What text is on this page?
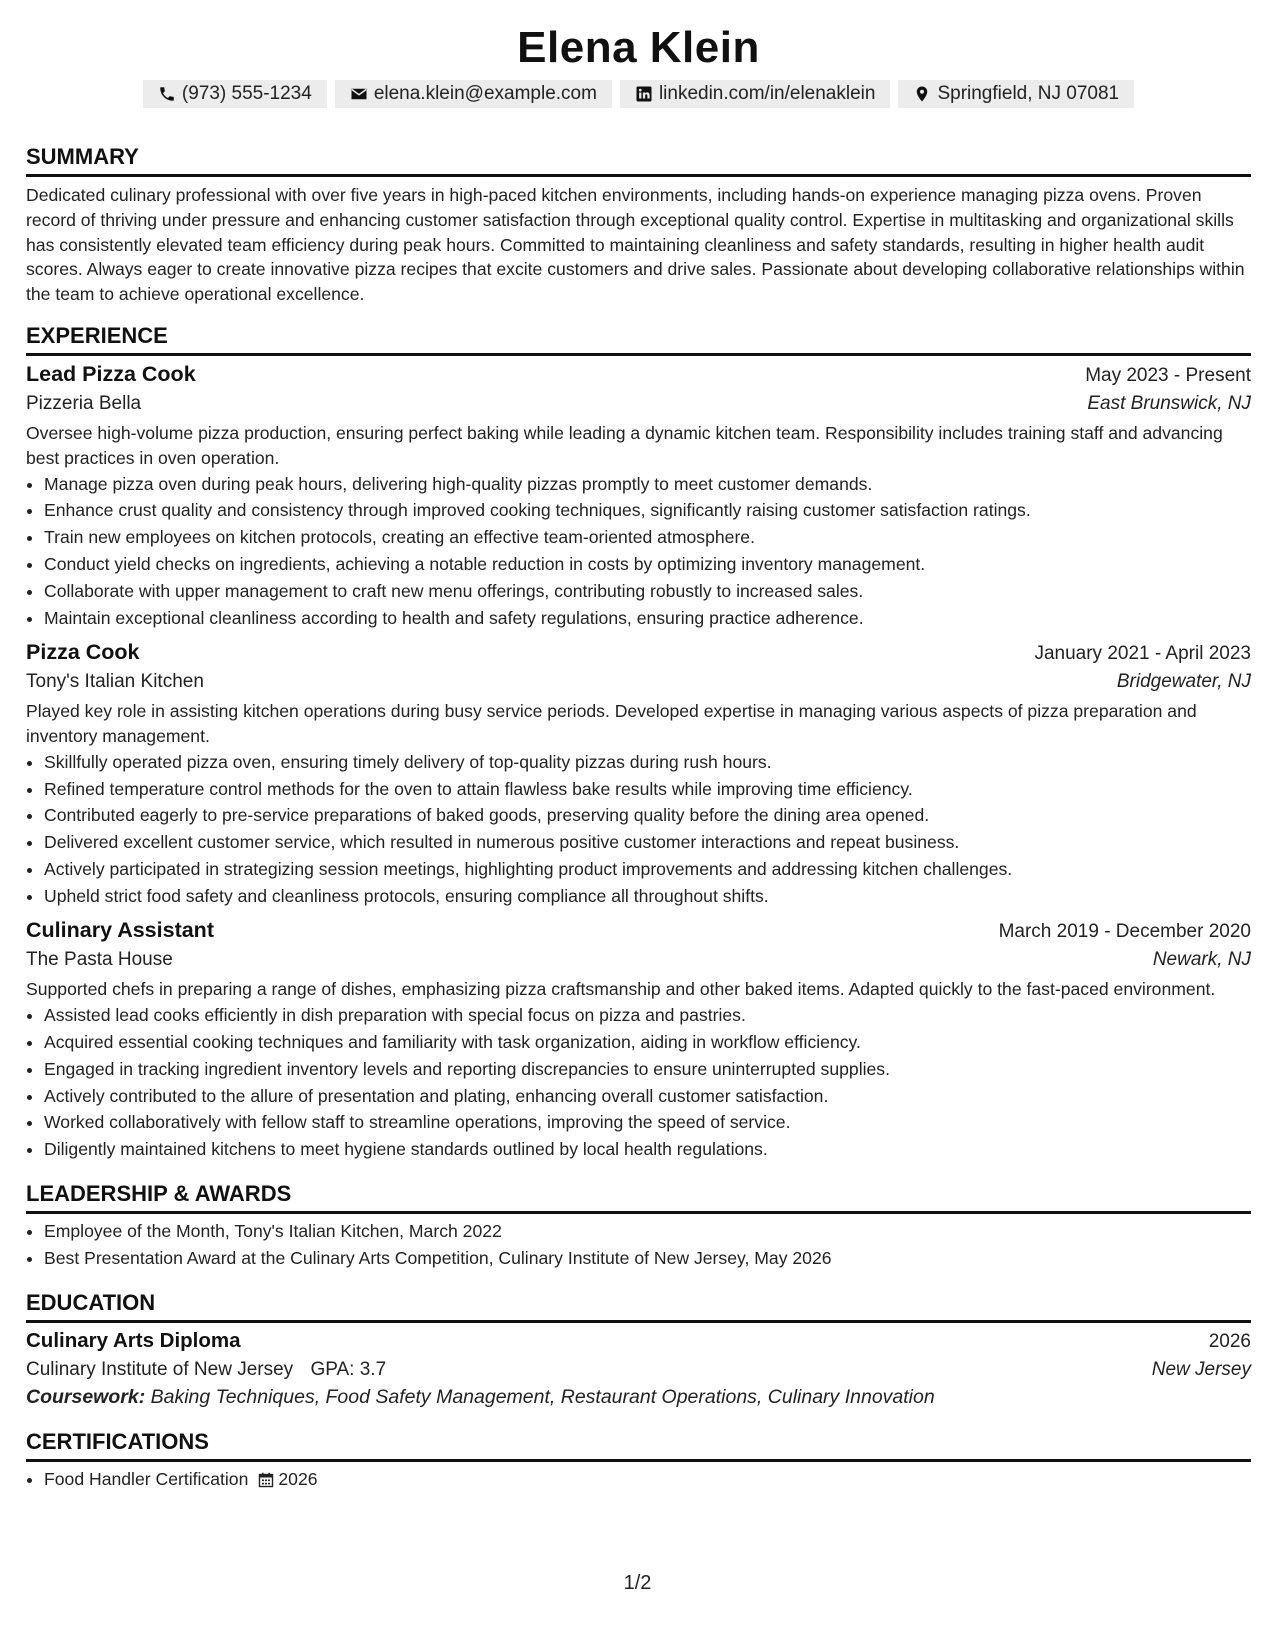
Elena Klein
(973) 555-1234	elena.klein@example.com	linkedin.com/in/elenaklein	Springfield, NJ 07081
SUMMARY
Dedicated culinary professional with over five years in high-paced kitchen environments, including hands-on experience managing pizza ovens. Proven record of thriving under pressure and enhancing customer satisfaction through exceptional quality control. Expertise in multitasking and organizational skills has consistently elevated team efficiency during peak hours. Committed to maintaining cleanliness and safety standards, resulting in higher health audit scores. Always eager to create innovative pizza recipes that excite customers and drive sales. Passionate about developing collaborative relationships within the team to achieve operational excellence.
EXPERIENCE
Lead Pizza Cook	May 2023 - Present
Pizzeria Bella	East Brunswick, NJ
Oversee high-volume pizza production, ensuring perfect baking while leading a dynamic kitchen team. Responsibility includes training staff and advancing best practices in oven operation.
• Manage pizza oven during peak hours, delivering high-quality pizzas promptly to meet customer demands.
• Enhance crust quality and consistency through improved cooking techniques, significantly raising customer satisfaction ratings.
• Train new employees on kitchen protocols, creating an effective team-oriented atmosphere.
• Conduct yield checks on ingredients, achieving a notable reduction in costs by optimizing inventory management.
• Collaborate with upper management to craft new menu offerings, contributing robustly to increased sales.
• Maintain exceptional cleanliness according to health and safety regulations, ensuring practice adherence.
Pizza Cook	January 2021 - April 2023
Tony's Italian Kitchen	Bridgewater, NJ
Played key role in assisting kitchen operations during busy service periods. Developed expertise in managing various aspects of pizza preparation and inventory management.
• Skillfully operated pizza oven, ensuring timely delivery of top-quality pizzas during rush hours.
• Refined temperature control methods for the oven to attain flawless bake results while improving time efficiency.
• Contributed eagerly to pre-service preparations of baked goods, preserving quality before the dining area opened.
• Delivered excellent customer service, which resulted in numerous positive customer interactions and repeat business.
• Actively participated in strategizing session meetings, highlighting product improvements and addressing kitchen challenges.
• Upheld strict food safety and cleanliness protocols, ensuring compliance all throughout shifts.
Culinary Assistant	March 2019 - December 2020
The Pasta House	Newark, NJ
Supported chefs in preparing a range of dishes, emphasizing pizza craftsmanship and other baked items. Adapted quickly to the fast-paced environment.
• Assisted lead cooks efficiently in dish preparation with special focus on pizza and pastries.
• Acquired essential cooking techniques and familiarity with task organization, aiding in workflow efficiency.
• Engaged in tracking ingredient inventory levels and reporting discrepancies to ensure uninterrupted supplies.
• Actively contributed to the allure of presentation and plating, enhancing overall customer satisfaction.
• Worked collaboratively with fellow staff to streamline operations, improving the speed of service.
• Diligently maintained kitchens to meet hygiene standards outlined by local health regulations.
LEADERSHIP & AWARDS
• Employee of the Month, Tony's Italian Kitchen, March 2022
• Best Presentation Award at the Culinary Arts Competition, Culinary Institute of New Jersey, May 2026
EDUCATION
Culinary Arts Diploma	2026
Culinary Institute of New Jersey GPA: 3.7	New Jersey
Coursework: Baking Techniques, Food Safety Management, Restaurant Operations, Culinary Innovation
CERTIFICATIONS
• Food Handler Certification 2026
1/2
